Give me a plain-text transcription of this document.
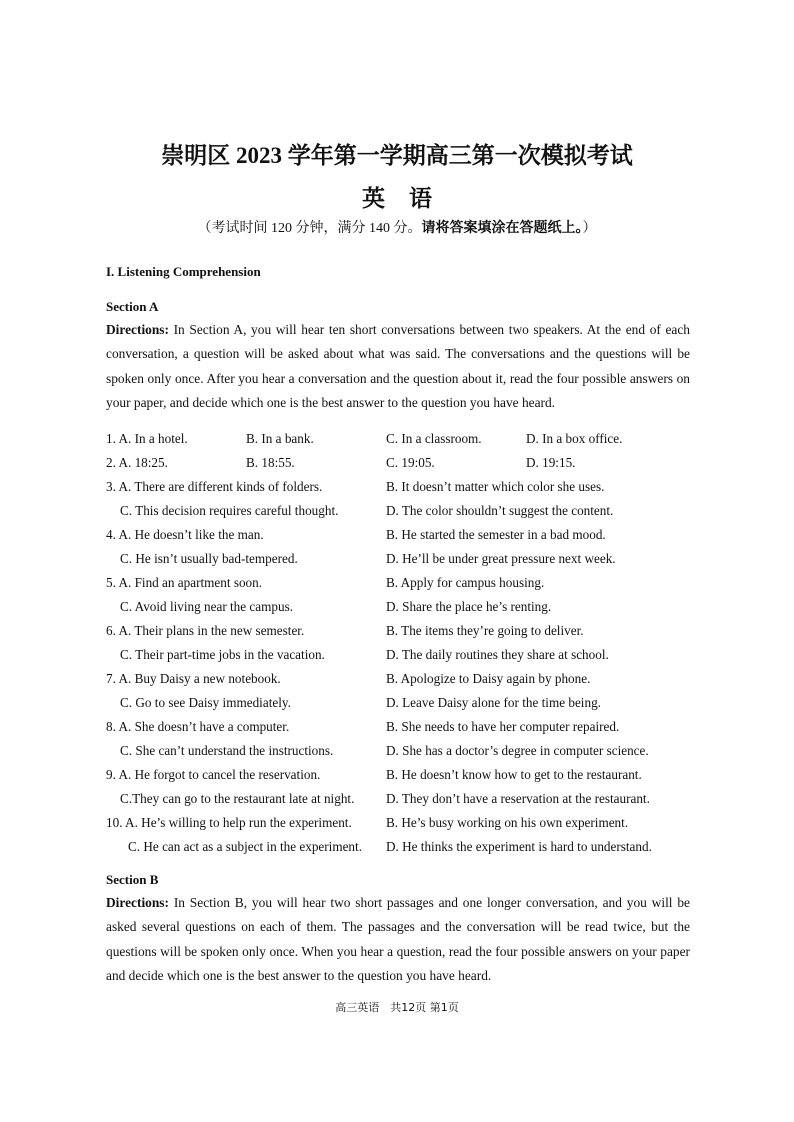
崇明区 2023 学年第一学期高三第一次模拟考试
英语
（考试时间 120 分钟，满分 140 分。请将答案填涂在答题纸上。）
I. Listening Comprehension
Section A
Directions: In Section A, you will hear ten short conversations between two speakers. At the end of each conversation, a question will be asked about what was said. The conversations and the questions will be spoken only once. After you hear a conversation and the question about it, read the four possible answers on your paper, and decide which one is the best answer to the question you have heard.
1. A. In a hotel.	B. In a bank.	C. In a classroom.	D. In a box office.
2. A. 18:25.	B. 18:55.	C. 19:05.	D. 19:15.
3. A. There are different kinds of folders.	B. It doesn’t matter which color she uses.
C. This decision requires careful thought.	D. The color shouldn’t suggest the content.
4. A. He doesn’t like the man.	B. He started the semester in a bad mood.
C. He isn’t usually bad-tempered.	D. He’ll be under great pressure next week.
5. A. Find an apartment soon.	B. Apply for campus housing.
C. Avoid living near the campus.	D. Share the place he’s renting.
6. A. Their plans in the new semester.	B. The items they’re going to deliver.
C. Their part-time jobs in the vacation.	D. The daily routines they share at school.
7. A. Buy Daisy a new notebook.	B. Apologize to Daisy again by phone.
C. Go to see Daisy immediately.	D. Leave Daisy alone for the time being.
8. A. She doesn’t have a computer.	B. She needs to have her computer repaired.
C. She can’t understand the instructions.	D. She has a doctor’s degree in computer science.
9. A. He forgot to cancel the reservation.	B. He doesn’t know how to get to the restaurant.
C.They can go to the restaurant late at night. D. They don’t have a reservation at the restaurant.
10. A. He’s willing to help run the experiment.	B. He’s busy working on his own experiment.
C. He can act as a subject in the experiment. D. He thinks the experiment is hard to understand.
Section B
Directions: In Section B, you will hear two short passages and one longer conversation, and you will be asked several questions on each of them. The passages and the conversation will be read twice, but the questions will be spoken only once. When you hear a question, read the four possible answers on your paper and decide which one is the best answer to the question you have heard.
高三英语　共12页 第1页
